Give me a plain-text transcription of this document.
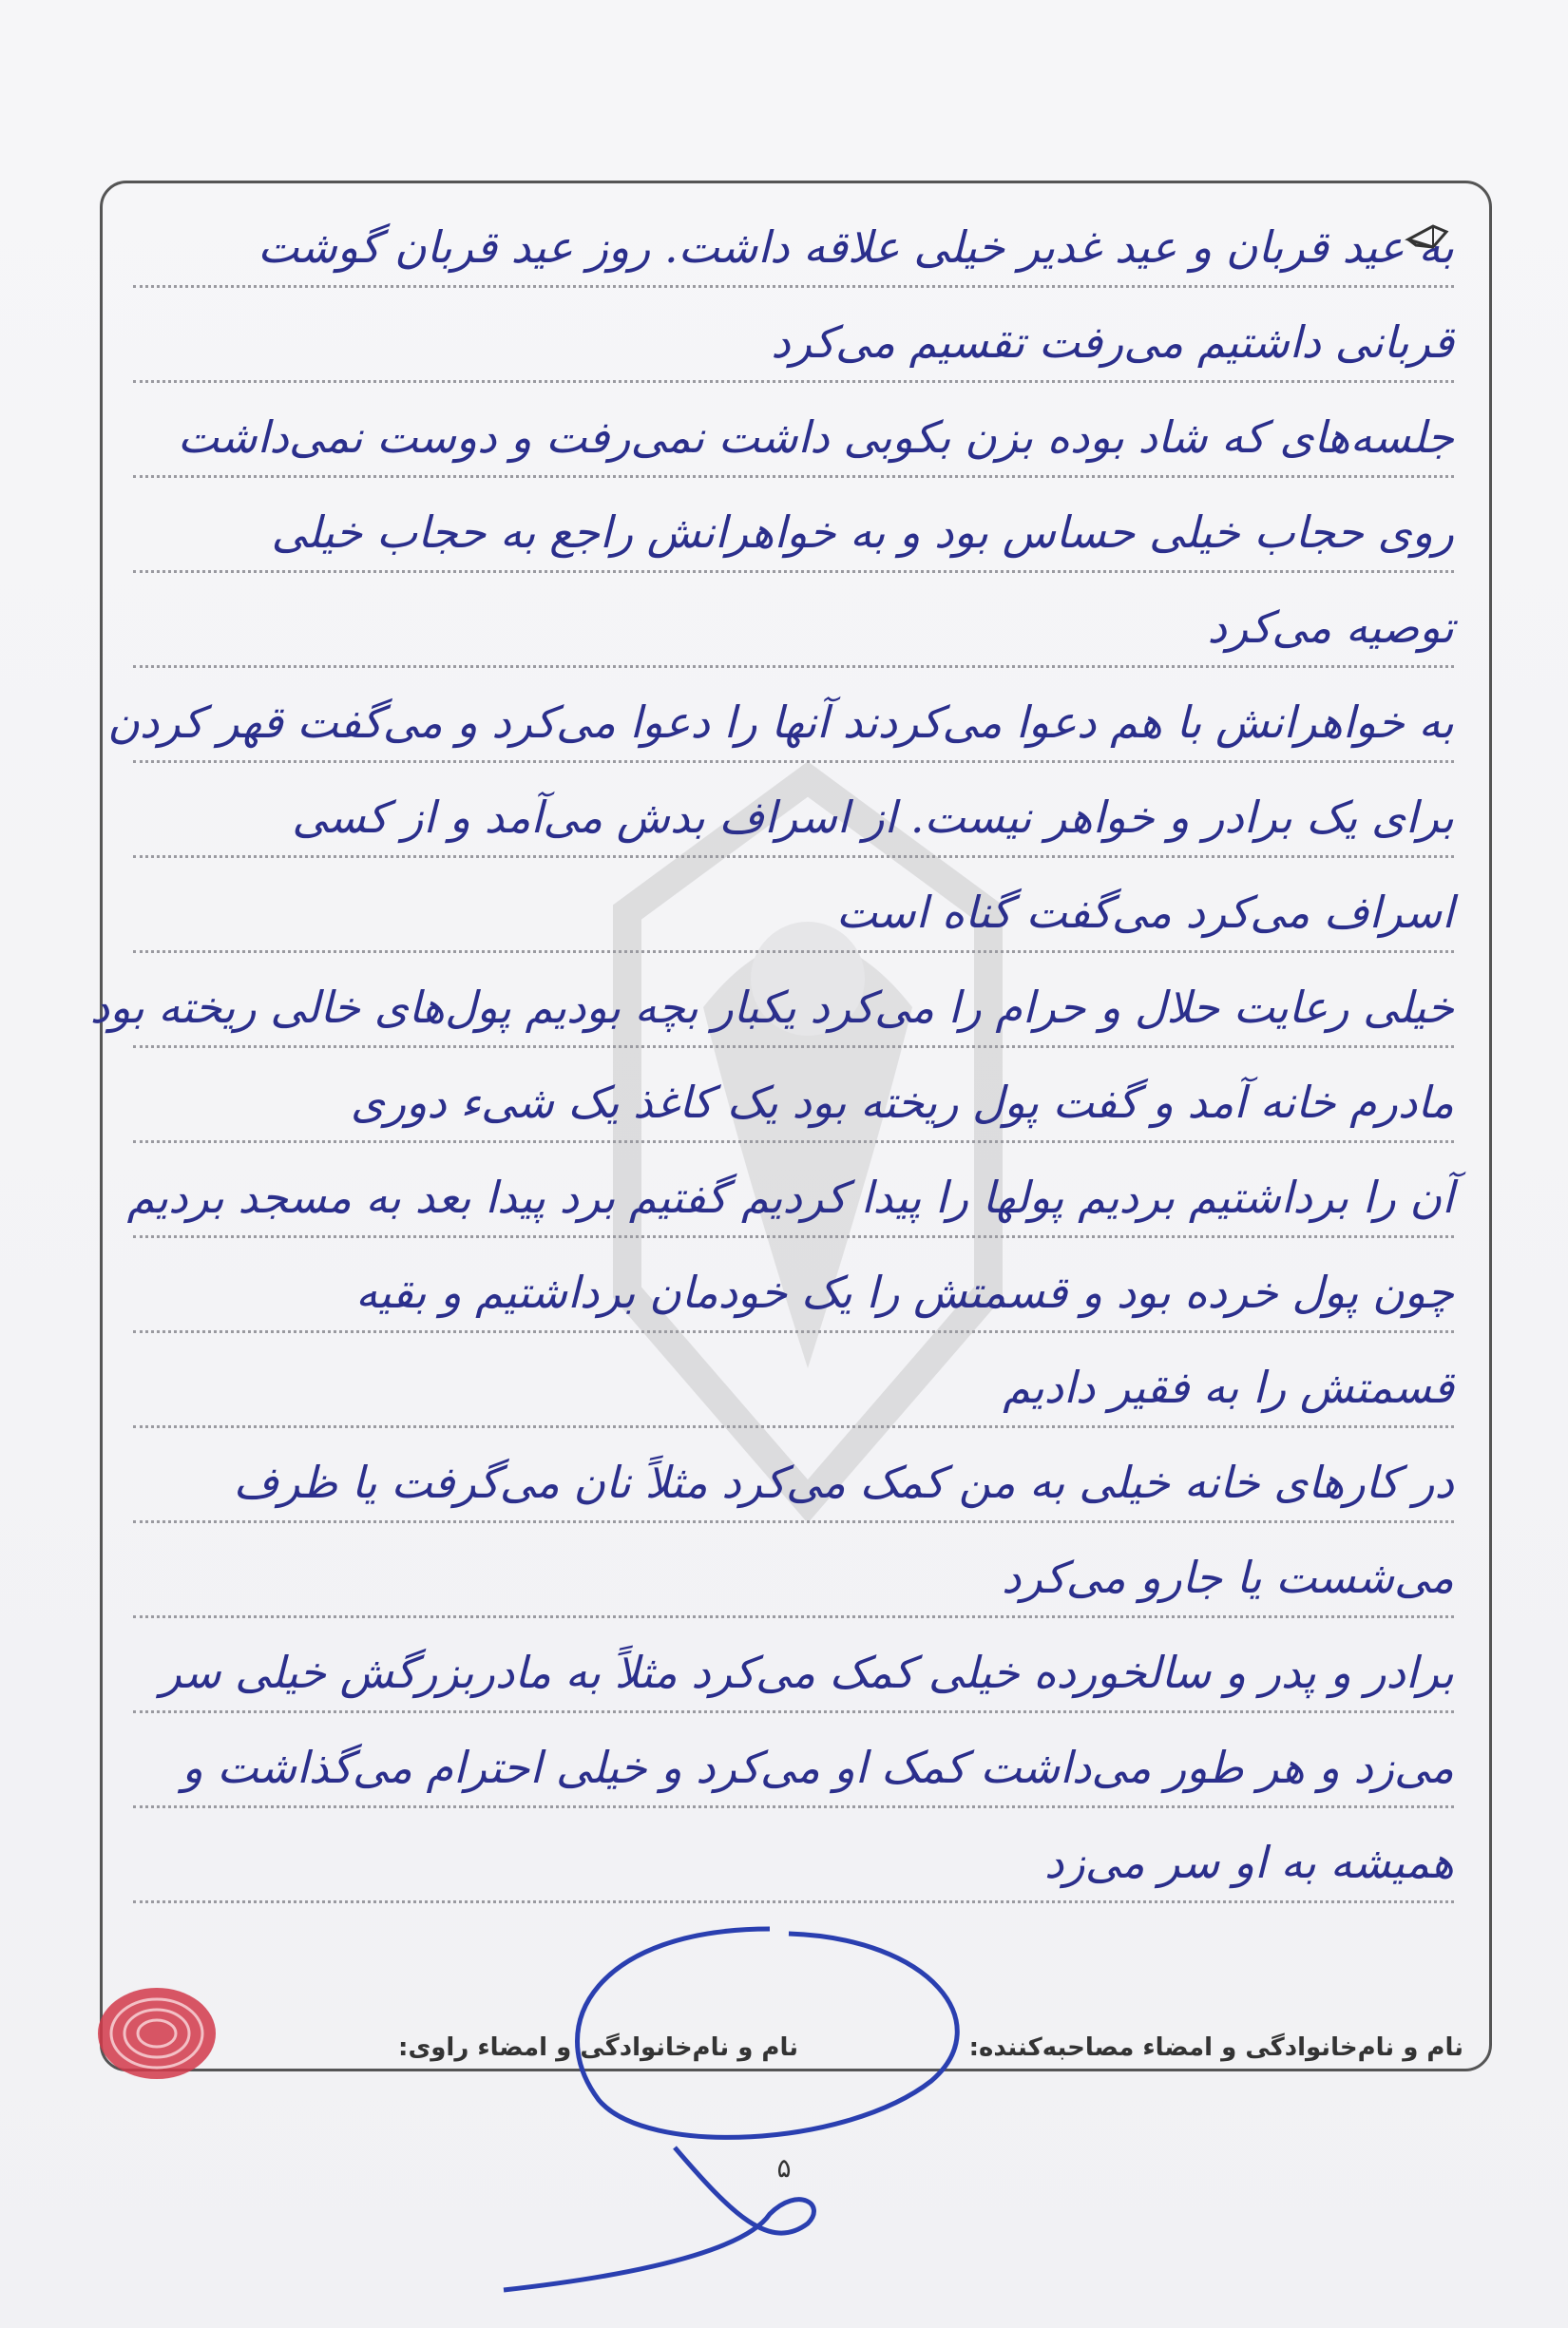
به عید قربان و عید غدیر خیلی علاقه داشت. روز عید قربان گوشت
قربانی داشتیم می‌رفت تقسیم می‌کرد
جلسه‌های که شاد بوده بزن بکوبی داشت نمی‌رفت و دوست نمی‌داشت
روی حجاب خیلی حساس بود و به خواهرانش راجع به حجاب خیلی
توصیه می‌کرد
به خواهرانش با هم دعوا می‌کردند آنها را دعوا می‌کرد و می‌گفت قهر کردن
برای یک برادر و خواهر نیست. از اسراف بدش می‌آمد و از کسی
اسراف می‌کرد می‌گفت گناه است
خیلی رعایت حلال و حرام را می‌کرد یکبار بچه بودیم پول‌های خالی ریخته بود
مادرم خانه آمد و گفت پول ریخته بود یک کاغذ یک شیء دوری
آن را برداشتیم بردیم پولها را پیدا کردیم گفتیم برد پیدا بعد به مسجد بردیم
چون پول خرده بود و قسمتش را یک خودمان برداشتیم و بقیه
قسمتش را به فقیر دادیم
در کارهای خانه خیلی به من کمک می‌کرد مثلاً نان می‌گرفت یا ظرف
می‌شست یا جارو می‌کرد
برادر و پدر و سالخورده خیلی کمک می‌کرد مثلاً به مادربزرگش خیلی سر
می‌زد و هر طور می‌داشت کمک او می‌کرد و خیلی احترام می‌گذاشت و
همیشه به او سر می‌زد
نام و نام‌خانوادگی و امضاء مصاحبه‌کننده:
نام و نام‌خانوادگی و امضاء راوی:
۵
